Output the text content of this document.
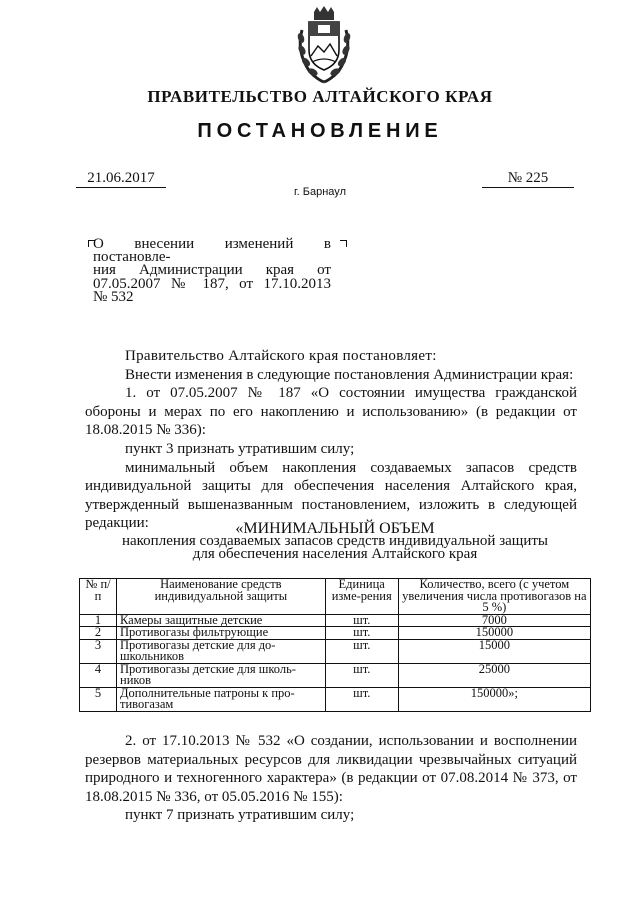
ПРАВИТЕЛЬСТВО АЛТАЙСКОГО КРАЯ
ПОСТАНОВЛЕНИЕ
21.06.2017	№ 225
г. Барнаул
О внесении изменений в постановле-
ния Администрации края от
07.05.2007 № 187, от 17.10.2013
№ 532

Правительство Алтайского края постановляет:

Внести изменения в следующие постановления Администрации края:

1. от 07.05.2007 № 187 «О состоянии имущества гражданской обороны и мерах по его накоплению и использованию» (в редакции от 18.08.2015 № 336):

пункт 3 признать утратившим силу;

минимальный объем накопления создаваемых запасов средств индивидуальной защиты для обеспечения населения Алтайского края, утвержденный вышеназванным постановлением, изложить в следующей редакции:	«МИНИМАЛЬНЫЙ ОБЪЕМ
накопления создаваемых запасов средств индивидуальной защиты
для обеспечения населения Алтайского края
№ п/п	Наименование средств индивидуальной защиты	Единица изме-рения	Количество, всего (с учетом увеличения числа противогазов на 5 %)
1	Камеры защитные детские	шт.	7000
2	Противогазы фильтрующие	шт.	150000
3	Противогазы детские для до-школьников	шт.	15000
4	Противогазы детские для школь-ников	шт.	25000
5	Дополнительные патроны к про-тивогазам	шт.	150000»;

2. от 17.10.2013 № 532 «О создании, использовании и восполнении резервов материальных ресурсов для ликвидации чрезвычайных ситуаций природного и техногенного характера» (в редакции от 07.08.2014 № 373, от 18.08.2015 № 336, от 05.05.2016 № 155):

пункт 7 признать утратившим силу;
